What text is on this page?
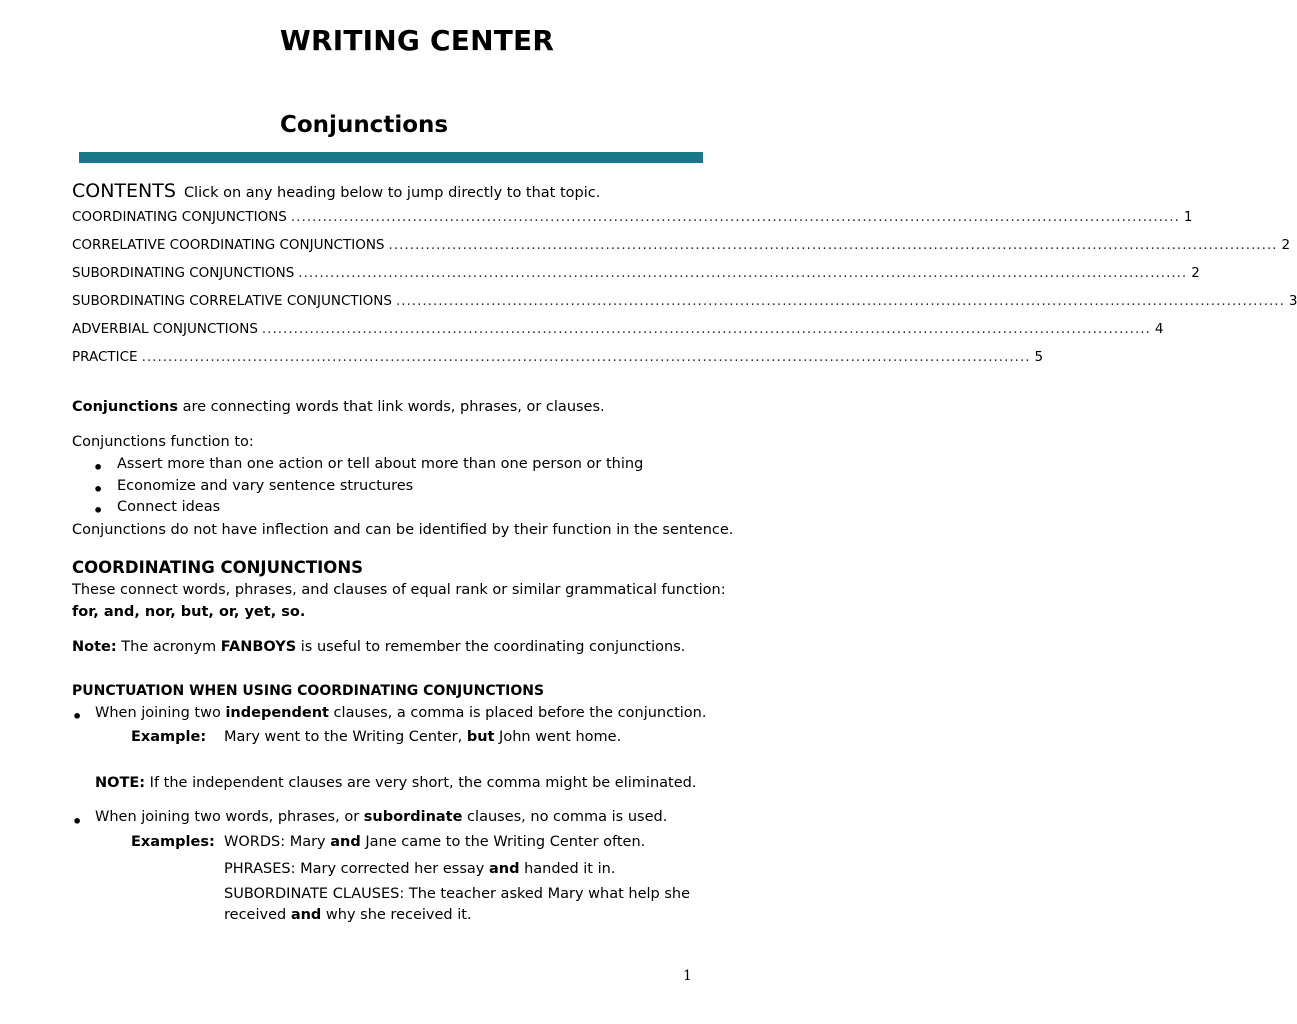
WRITING CENTER
Conjunctions
CONTENTS Click on any heading below to jump directly to that topic.
COORDINATING CONJUNCTIONS ........................................................................................................................................................................ 1
CORRELATIVE COORDINATING CONJUNCTIONS ........................................................................................................................................................................ 2
SUBORDINATING CONJUNCTIONS ........................................................................................................................................................................ 2
SUBORDINATING CORRELATIVE CONJUNCTIONS ........................................................................................................................................................................ 3
ADVERBIAL CONJUNCTIONS ........................................................................................................................................................................ 4
PRACTICE ........................................................................................................................................................................ 5
Conjunctions are connecting words that link words, phrases, or clauses.
Conjunctions function to:
• Assert more than one action or tell about more than one person or thing
• Economize and vary sentence structures
• Connect ideas
Conjunctions do not have inflection and can be identified by their function in the sentence.
COORDINATING CONJUNCTIONS
These connect words, phrases, and clauses of equal rank or similar grammatical function:
for, and, nor, but, or, yet, so.
Note: The acronym FANBOYS is useful to remember the coordinating conjunctions.
PUNCTUATION WHEN USING COORDINATING CONJUNCTIONS
• When joining two independent clauses, a comma is placed before the conjunction.
Example: Mary went to the Writing Center, but John went home.
NOTE: If the independent clauses are very short, the comma might be eliminated.
• When joining two words, phrases, or subordinate clauses, no comma is used.
Examples: WORDS: Mary and Jane came to the Writing Center often.
PHRASES: Mary corrected her essay and handed it in.
SUBORDINATE CLAUSES: The teacher asked Mary what help she
received and why she received it.
1
